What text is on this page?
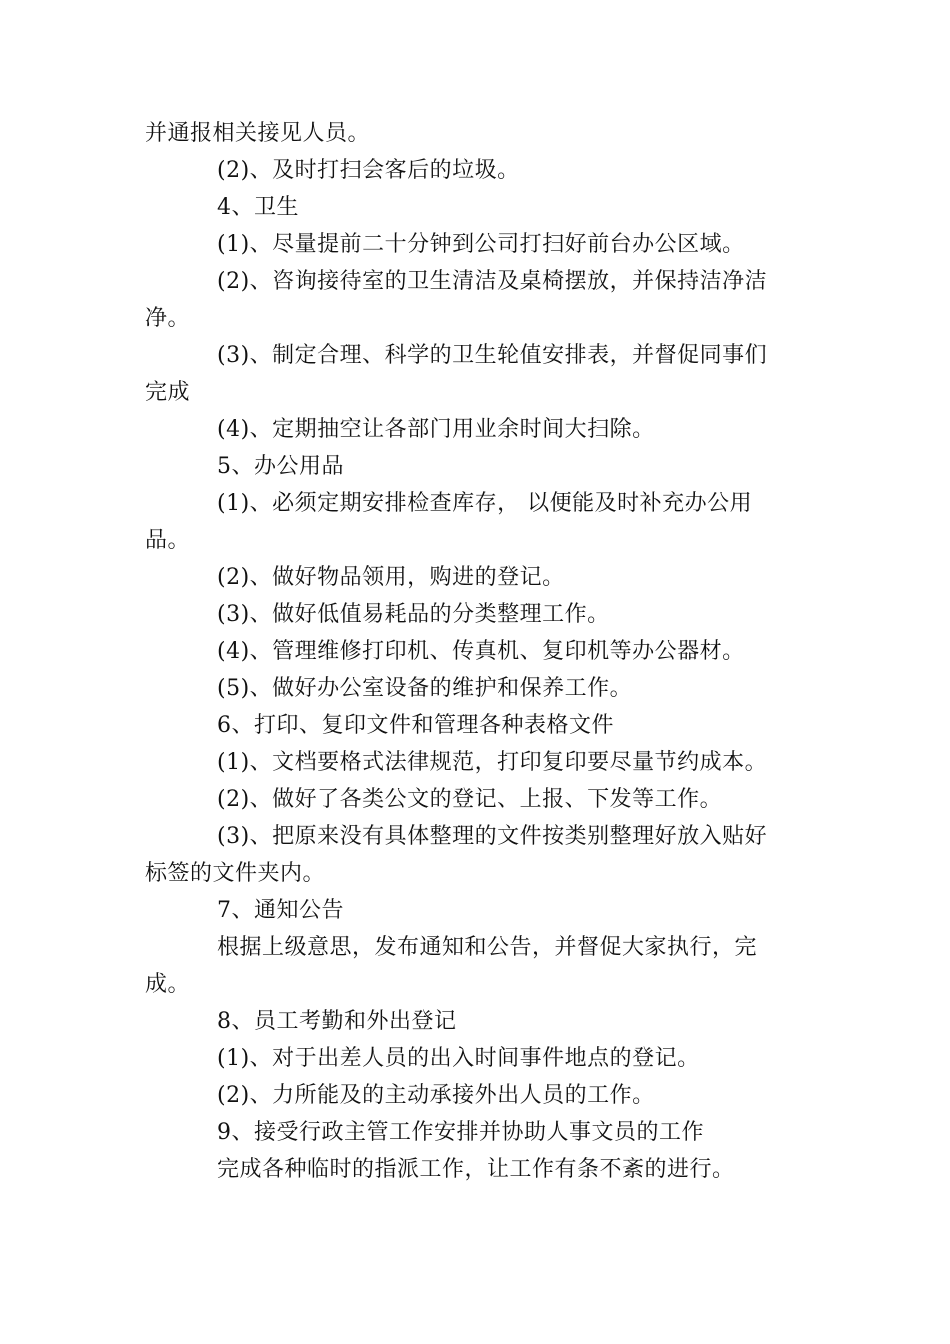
并通报相关接见人员。

(2)、及时打扫会客后的垃圾。

4、卫生

(1)、尽量提前二十分钟到公司打扫好前台办公区域。

(2)、咨询接待室的卫生清洁及桌椅摆放，并保持洁净洁

净。

(3)、制定合理、科学的卫生轮值安排表，并督促同事们

完成

(4)、定期抽空让各部门用业余时间大扫除。

5、办公用品

(1)、必须定期安排检查库存， 以便能及时补充办公用

品。

(2)、做好物品领用，购进的登记。

(3)、做好低值易耗品的分类整理工作。

(4)、管理维修打印机、传真机、复印机等办公器材。

(5)、做好办公室设备的维护和保养工作。

6、打印、复印文件和管理各种表格文件

(1)、文档要格式法律规范，打印复印要尽量节约成本。

(2)、做好了各类公文的登记、上报、下发等工作。

(3)、把原来没有具体整理的文件按类别整理好放入贴好

标签的文件夹内。

7、通知公告

根据上级意思，发布通知和公告，并督促大家执行，完

成。

8、员工考勤和外出登记

(1)、对于出差人员的出入时间事件地点的登记。

(2)、力所能及的主动承接外出人员的工作。

9、接受行政主管工作安排并协助人事文员的工作

完成各种临时的指派工作，让工作有条不紊的进行。
